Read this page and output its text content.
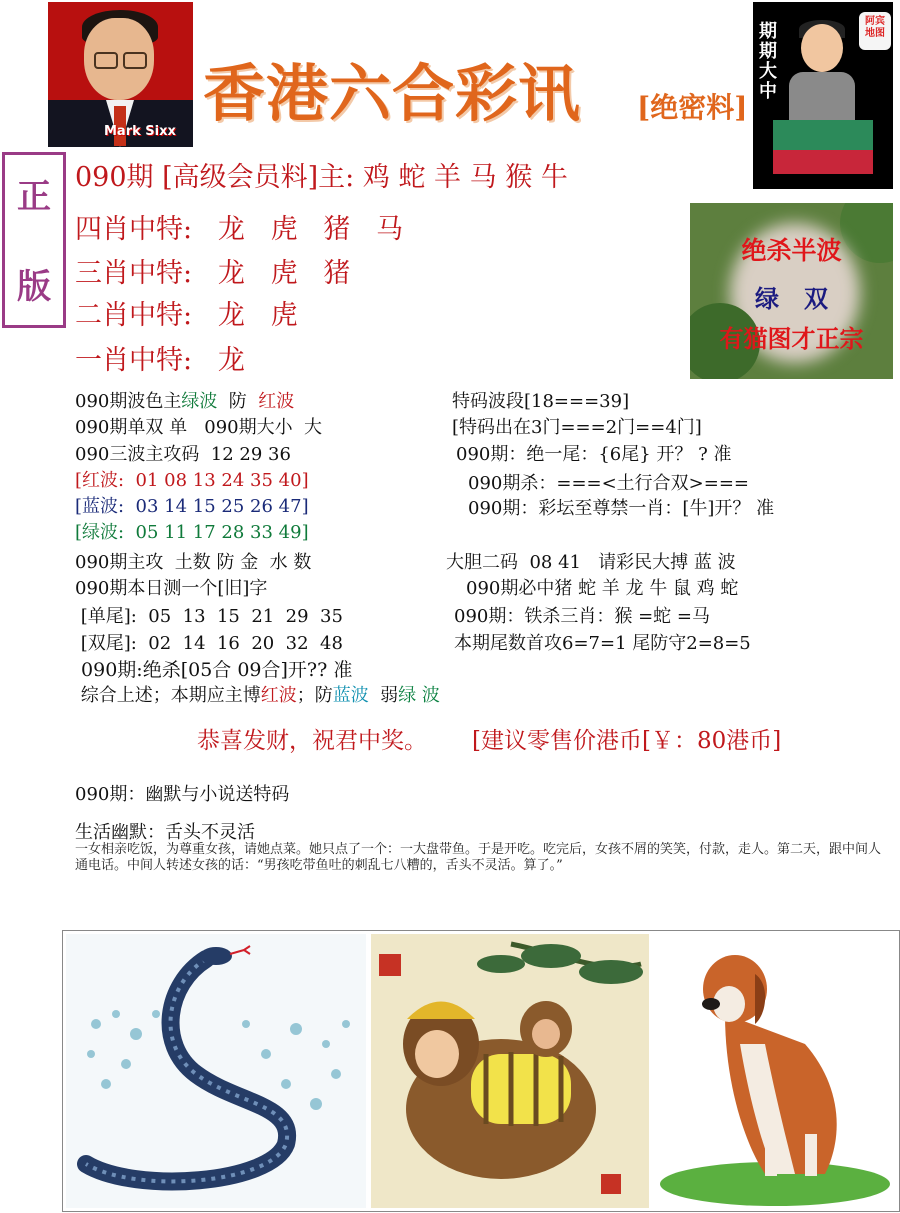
Mark Sixx
香港六合彩讯 [绝密料]
期期大中
阿宾 地图
正
版
090期 [高级会员料]主: 鸡 蛇 羊 马 猴 牛
四肖中特:   龙   虎   猪   马
三肖中特:   龙   虎   猪
二肖中特:   龙   虎
一肖中特:   龙
绝杀半波
绿   双
有猫图才正宗
090期波色主绿波  防  红波
090期单双 单   090期大小  大
090三波主攻码  12 29 36
[红波:  01 08 13 24 35 40]
[蓝波:  03 14 15 25 26 47]
[绿波:  05 11 17 28 33 49]
090期主攻  土数 防 金  水 数
090期本日测一个[旧]字
[单尾]:  05  13  15  21  29  35
[双尾]:  02  14  16  20  32  48
090期:绝杀[05合 09合]开?? 准
综合上述；本期应主博红波；防蓝波  弱绿 波
特码波段[18===39]
[特码出在3门===2门==4门]
090期：绝一尾：{6尾} 开？ ? 准
090期杀：===<土行合双>===
090期：彩坛至尊禁一肖：[牛]开？ 准
大胆二码  08 41   请彩民大搏 蓝 波
090期必中猪 蛇 羊 龙 牛 鼠 鸡 蛇
090期：铁杀三肖：猴 =蛇 =马
本期尾数首攻6=7=1 尾防守2=8=5
恭喜发财，祝君中奖。 [建议零售价港币[￥：80港币]
090期：幽默与小说送特码
生活幽默：舌头不灵活
一女相亲吃饭，为尊重女孩，请她点菜。她只点了一个：一大盘带鱼。于是开吃。吃完后，女孩不屑的笑笑，付款，走人。第二天，跟中间人通电话。中间人转述女孩的话：“男孩吃带鱼吐的刺乱七八糟的，舌头不灵活。算了。”
